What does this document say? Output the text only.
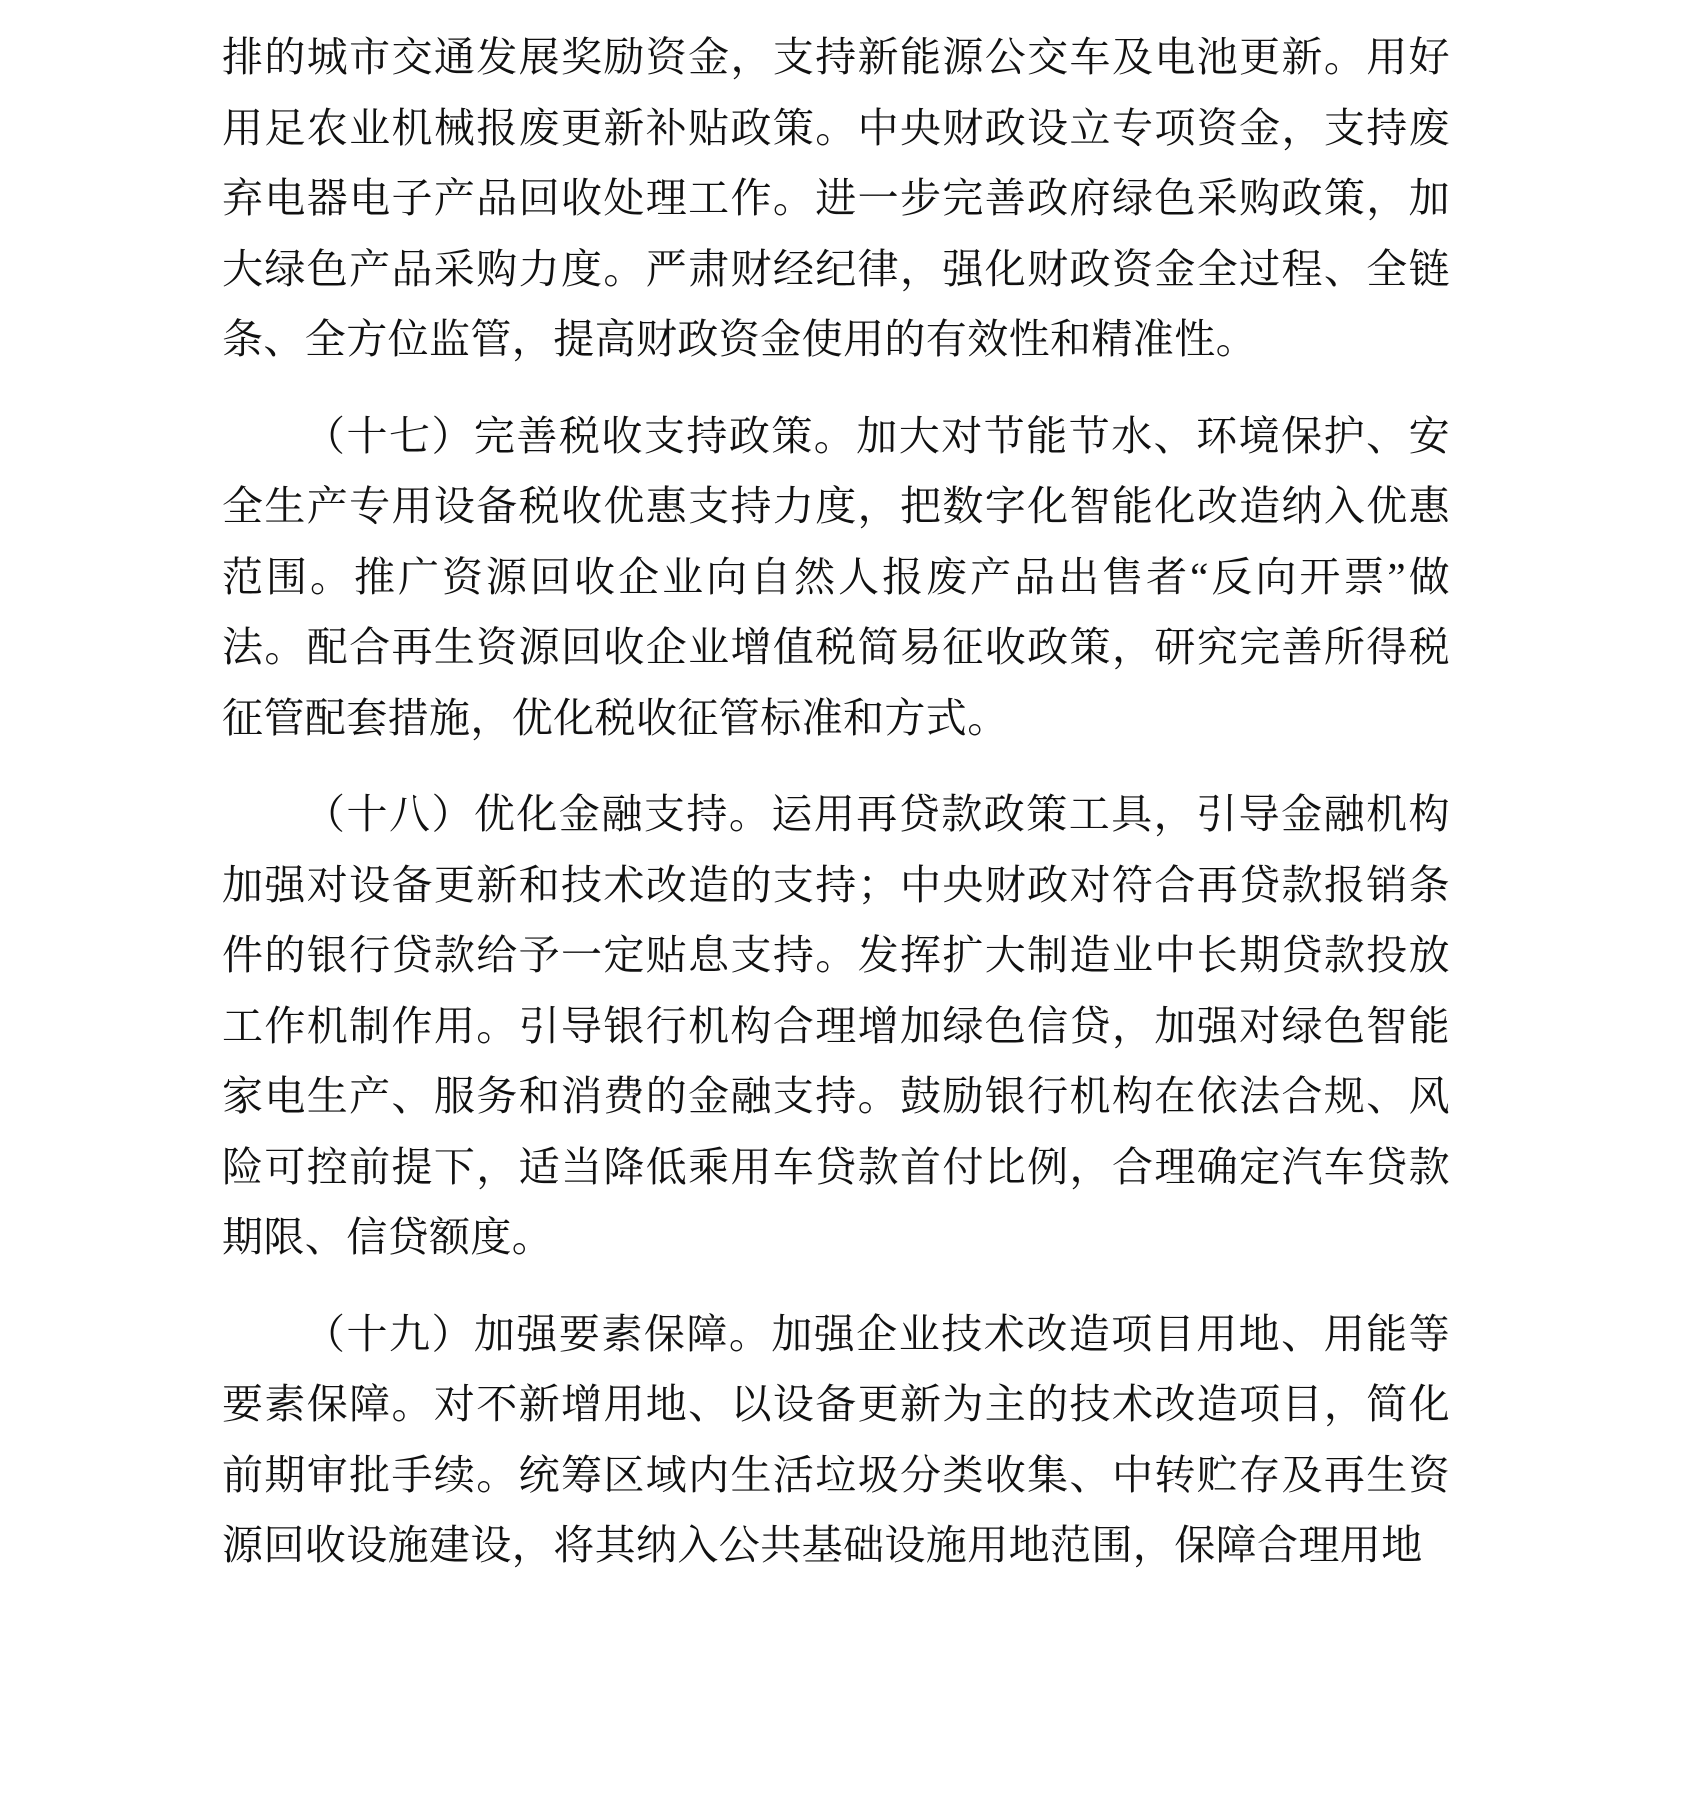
排的城市交通发展奖励资金，支持新能源公交车及电池更新。用好用足农业机械报废更新补贴政策。中央财政设立专项资金，支持废弃电器电子产品回收处理工作。进一步完善政府绿色采购政策，加大绿色产品采购力度。严肃财经纪律，强化财政资金全过程、全链条、全方位监管，提高财政资金使用的有效性和精准性。

（十七）完善税收支持政策。加大对节能节水、环境保护、安全生产专用设备税收优惠支持力度，把数字化智能化改造纳入优惠范围。推广资源回收企业向自然人报废产品出售者“反向开票”做法。配合再生资源回收企业增值税简易征收政策，研究完善所得税征管配套措施，优化税收征管标准和方式。

（十八）优化金融支持。运用再贷款政策工具，引导金融机构加强对设备更新和技术改造的支持；中央财政对符合再贷款报销条件的银行贷款给予一定贴息支持。发挥扩大制造业中长期贷款投放工作机制作用。引导银行机构合理增加绿色信贷，加强对绿色智能家电生产、服务和消费的金融支持。鼓励银行机构在依法合规、风险可控前提下，适当降低乘用车贷款首付比例，合理确定汽车贷款期限、信贷额度。

（十九）加强要素保障。加强企业技术改造项目用地、用能等要素保障。对不新增用地、以设备更新为主的技术改造项目，简化前期审批手续。统筹区域内生活垃圾分类收集、中转贮存及再生资源回收设施建设，将其纳入公共基础设施用地范围，保障合理用地
